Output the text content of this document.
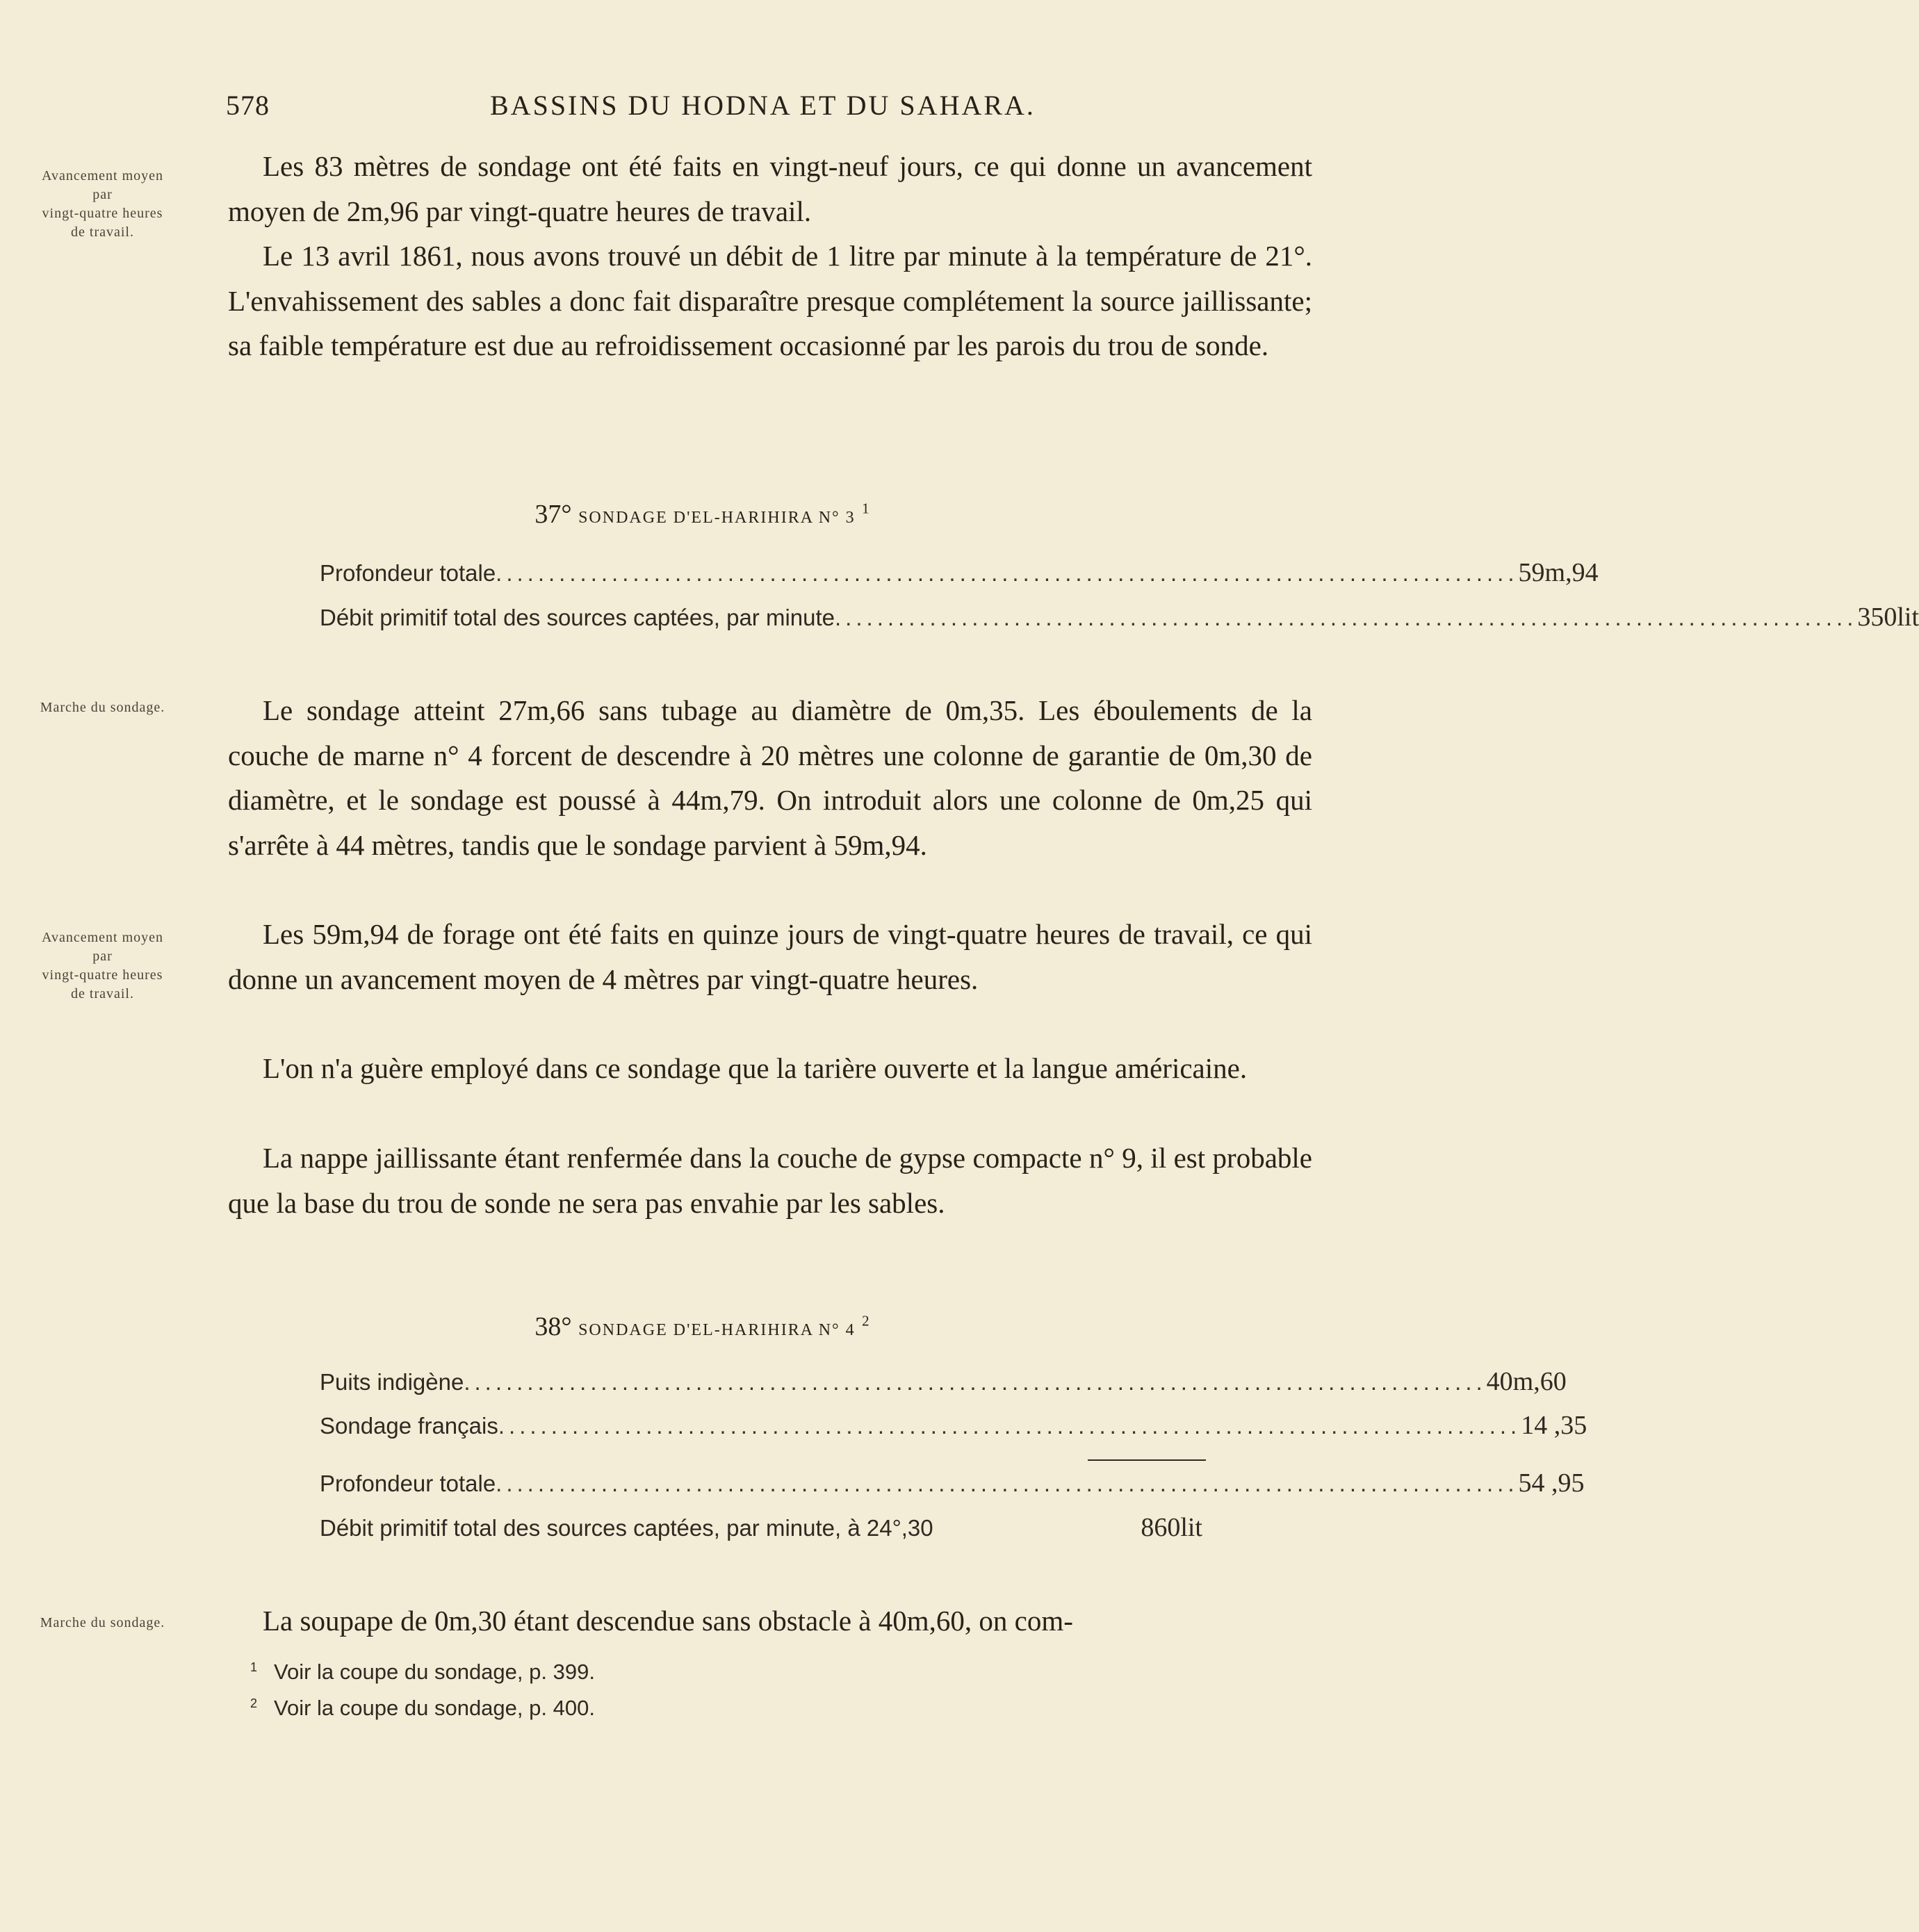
578	BASSINS DU HODNA ET DU SAHARA.
Avancement moyen
par
vingt-quatre heures
de travail.
Marche du sondage.
Avancement moyen
par
vingt-quatre heures
de travail.
Marche du sondage.

Les 83 mètres de sondage ont été faits en vingt-neuf jours, ce qui donne un avancement moyen de 2m,96 par vingt-quatre heures de travail.

Le 13 avril 1861, nous avons trouvé un débit de 1 litre par minute à la température de 21°. L'envahissement des sables a donc fait disparaître presque complétement la source jaillissante; sa faible température est due au refroidissement occasionné par les parois du trou de sonde.

37° SONDAGE D'EL-HARIHIRA N° 3 $^1$
Profondeur totale ................................................................................................. 59m,94
Débit primitif total des sources captées, par minute ................................................................................................. 350lit

Le sondage atteint 27m,66 sans tubage au diamètre de 0m,35. Les éboulements de la couche de marne n° 4 forcent de descendre à 20 mètres une colonne de garantie de 0m,30 de diamètre, et le sondage est poussé à 44m,79. On introduit alors une colonne de 0m,25 qui s'arrête à 44 mètres, tandis que le sondage parvient à 59m,94.

Les 59m,94 de forage ont été faits en quinze jours de vingt-quatre heures de travail, ce qui donne un avancement moyen de 4 mètres par vingt-quatre heures.

L'on n'a guère employé dans ce sondage que la tarière ouverte et la langue américaine.

La nappe jaillissante étant renfermée dans la couche de gypse compacte n° 9, il est probable que la base du trou de sonde ne sera pas envahie par les sables.

38° SONDAGE D'EL-HARIHIRA N° 4 $^2$
Puits indigène ................................................................................................. 40m,60
Sondage français ................................................................................................. 14 ,35
Profondeur totale ................................................................................................. 54 ,95
Débit primitif total des sources captées, par minute, à 24°,30	860lit

La soupape de 0m,30 étant descendue sans obstacle à 40m,60, on com-

$^1$ Voir la coupe du sondage, p. 399.
$^2$ Voir la coupe du sondage, p. 400.
